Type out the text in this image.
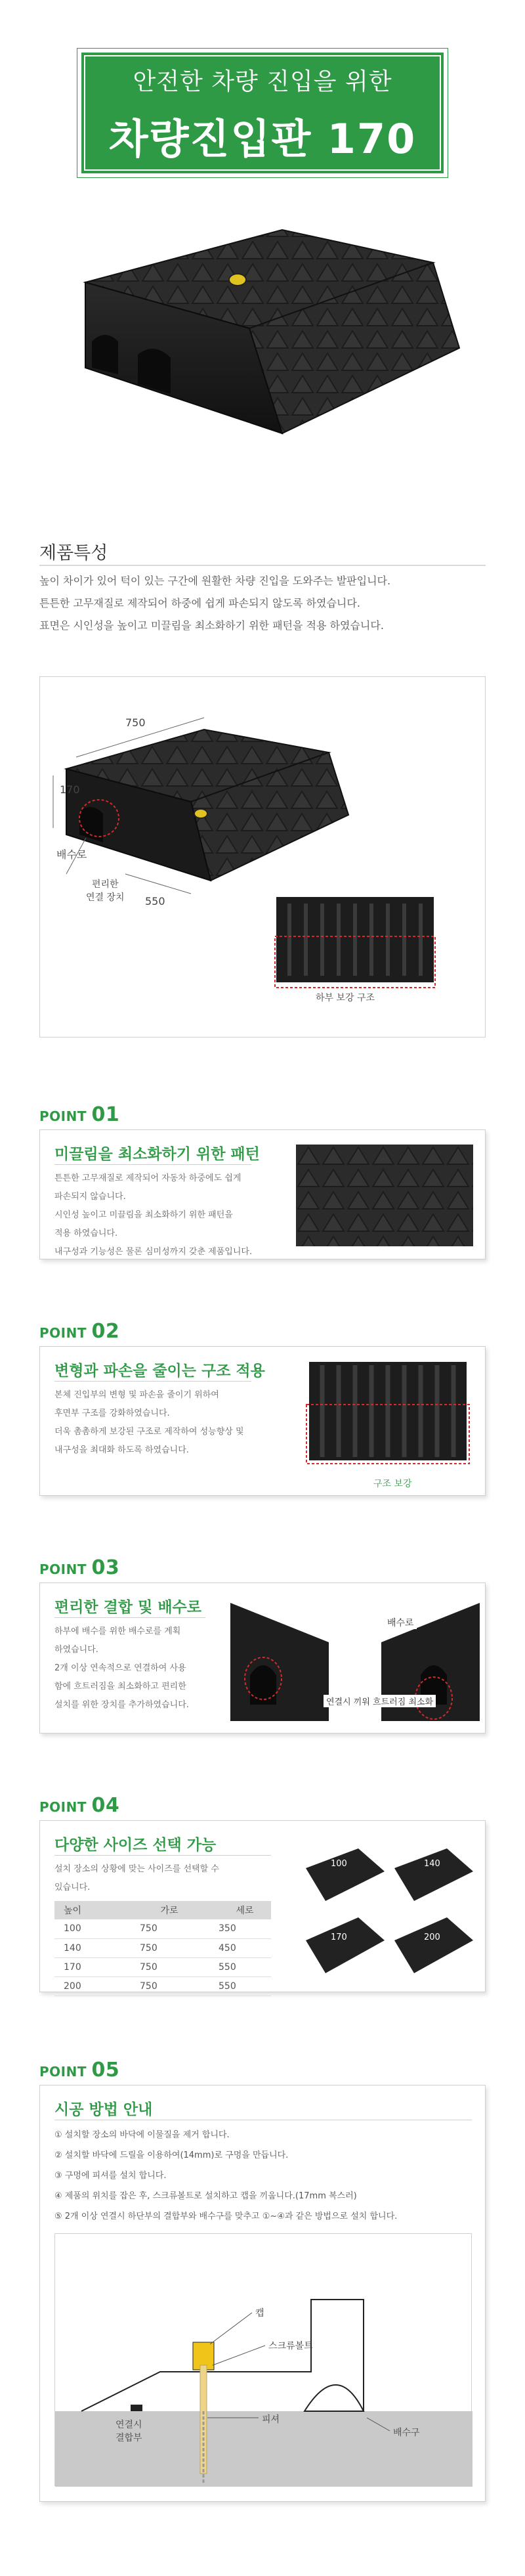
안전한 차량 진입을 위한
차량진입판 170
제품특성
높이 차이가 있어 턱이 있는 구간에 원활한 차량 진입을 도와주는 발판입니다.
튼튼한 고무재질로 제작되어 하중에 쉽게 파손되지 않도록 하였습니다.
표면은 시인성을 높이고 미끌림을 최소화하기 위한 패턴을 적용 하였습니다.
750
170
550
배수로
편리한
연결 장치
하부 보강 구조
POINT 01
미끌림을 최소화하기 위한 패턴
튼튼한 고무재질로 제작되어 자동차 하중에도 쉽게
파손되지 않습니다.
시인성 높이고 미끌림을 최소화하기 위한 패턴을
적용 하였습니다.
내구성과 기능성은 물론 심미성까지 갖춘 제품입니다.
POINT 02
변형과 파손을 줄이는 구조 적용
본체 진입부의 변형 및 파손을 줄이기 위하여
후면부 구조를 강화하였습니다.
더욱 촘촘하게 보강된 구조로 제작하여 성능향상 및
내구성을 최대화 하도록 하였습니다.
구조 보강
POINT 03
편리한 결합 및 배수로
하부에 배수를 위한 배수로를 계획
하였습니다.
2개 이상 연속적으로 연결하여 사용
함에 흐트러짐을 최소화하고 편리한
설치를 위한 장치를 추가하였습니다.
배수로
연결시 끼워 흐트러짐 최소화
POINT 04
다양한 사이즈 선택 가능
설치 장소의 상황에 맞는 사이즈를 선택할 수
있습니다.
높이	가로	세로
100	750	350
140	750	450
170	750	550
200	750	550
100	140
170	200
POINT 05
시공 방법 안내
① 설치할 장소의 바닥에 이물질을 제거 합니다.
② 설치할 바닥에 드릴을 이용하여(14mm)로 구멍을 만듭니다.
③ 구멍에 피셔를 설치 합니다.
④ 제품의 위치를 잡은 후, 스크류볼트로 설치하고 캡을 끼웁니다.(17mm 복스러)
⑤ 2개 이상 연결시 하단부의 결합부와 배수구를 맞추고 ①~④과 같은 방법으로 설치 합니다.
캡
스크류볼트
피셔
배수구
연결시
결합부
